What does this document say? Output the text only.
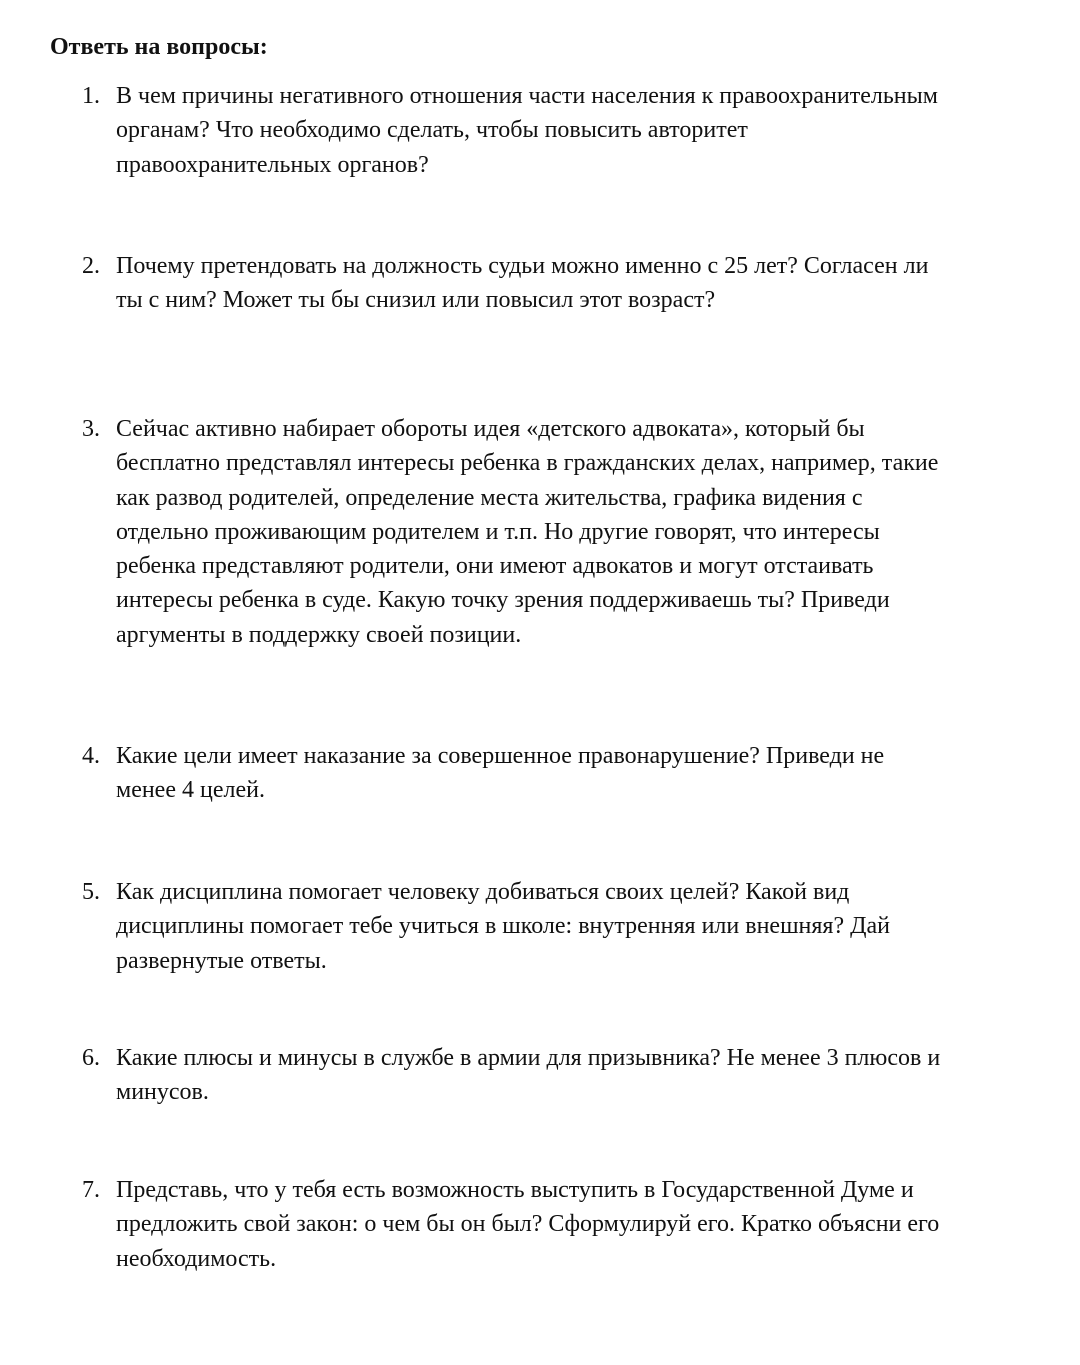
Ответь на вопросы:
1. В чем причины негативного отношения части населения к правоохранительным
органам? Что необходимо сделать, чтобы повысить авторитет
правоохранительных органов?

2. Почему претендовать на должность судьи можно именно с 25 лет? Согласен ли
ты с ним? Может ты бы снизил или повысил этот возраст?

3. Сейчас активно набирает обороты идея «детского адвоката», который бы
бесплатно представлял интересы ребенка в гражданских делах, например, такие
как развод родителей, определение места жительства, графика видения с
отдельно проживающим родителем и т.п. Но другие говорят, что интересы
ребенка представляют родители, они имеют адвокатов и могут отстаивать
интересы ребенка в суде. Какую точку зрения поддерживаешь ты? Приведи
аргументы в поддержку своей позиции.

4. Какие цели имеет наказание за совершенное правонарушение? Приведи не
менее 4 целей.

5. Как дисциплина помогает человеку добиваться своих целей? Какой вид
дисциплины помогает тебе учиться в школе: внутренняя или внешняя? Дай
развернутые ответы.

6. Какие плюсы и минусы в службе в армии для призывника? Не менее 3 плюсов и
минусов.

7. Представь, что у тебя есть возможность выступить в Государственной Думе и
предложить свой закон: о чем бы он был? Сформулируй его. Кратко объясни его
необходимость.
